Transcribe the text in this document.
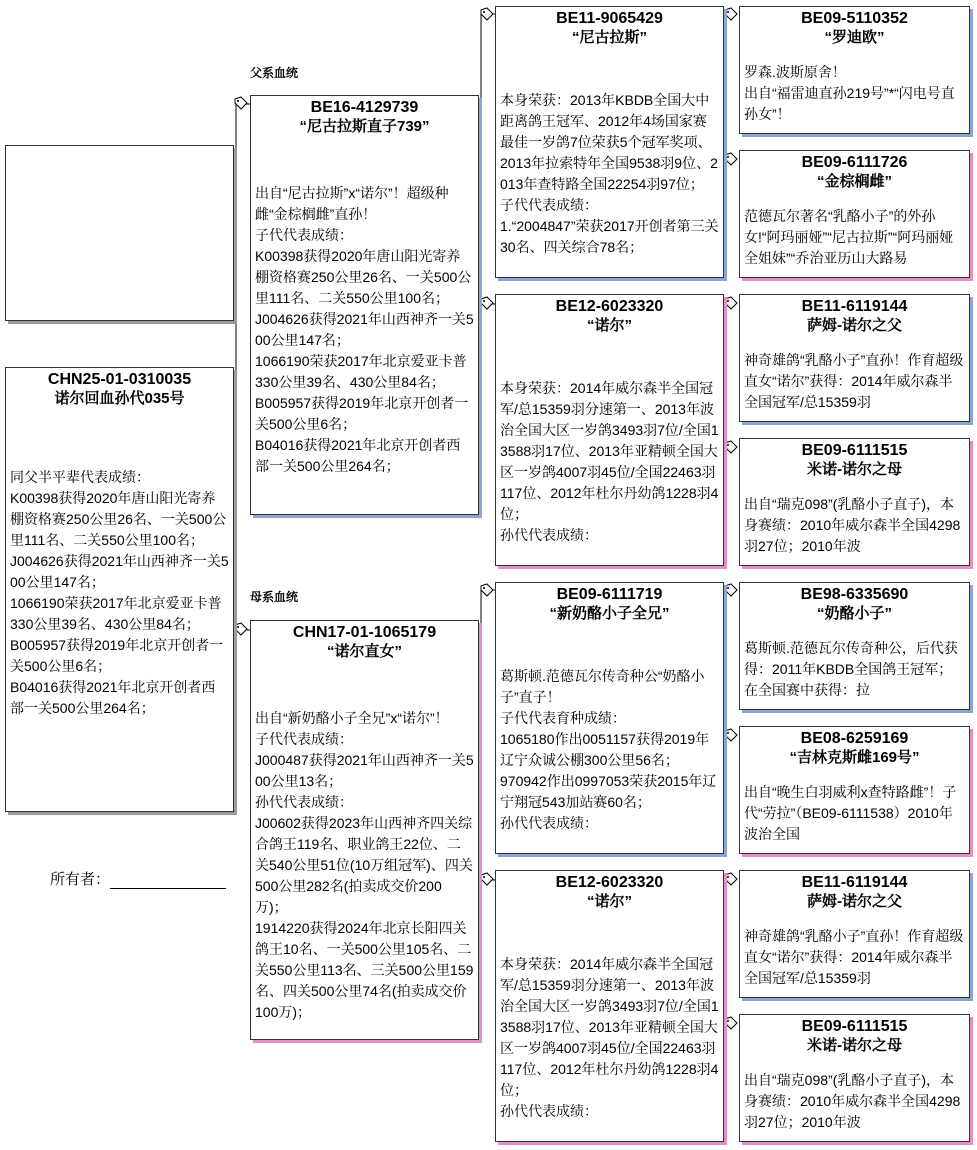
CHN25-01-0310035
诺尔回血孙代035号
同父半平辈代表成绩：
K00398获得2020年唐山阳光寄养棚资格赛250公里26名、一关500公里111名、二关550公里100名；
J004626获得2021年山西神齐一关500公里147名；
1066190荣获2017年北京爱亚卡普330公里39名、430公里84名；
B005957获得2019年北京开创者一关500公里6名；
B04016获得2021年北京开创者西部一关500公里264名；
所有者：
父系血统
母系血统
BE16-4129739
“尼古拉斯直子739”
出自“尼古拉斯”x“诺尔”！超级种雌“金棕榈雌”直孙！
子代代表成绩：
K00398获得2020年唐山阳光寄养棚资格赛250公里26名、一关500公里111名、二关550公里100名；
J004626获得2021年山西神齐一关500公里147名；
1066190荣获2017年北京爱亚卡普330公里39名、430公里84名；
B005957获得2019年北京开创者一关500公里6名；
B04016获得2021年北京开创者西部一关500公里264名；
CHN17-01-1065179
“诺尔直女”
出自“新奶酪小子全兄”x“诺尔”！
子代代表成绩：
J000487获得2021年山西神齐一关500公里13名；
孙代代表成绩：
J00602获得2023年山西神齐四关综合鸽王119名、职业鸽王22位、二关540公里51位(10万组冠军)、四关500公里282名(拍卖成交价200万)；
1914220获得2024年北京长阳四关鸽王10名、一关500公里105名、二关550公里113名、三关500公里159名、四关500公里74名(拍卖成交价100万)；
BE11-9065429
“尼古拉斯”
本身荣获：2013年KBDB全国大中距离鸽王冠军、2012年4场国家赛最佳一岁鸽7位荣获5个冠军奖项、2013年拉索特年全国9538羽9位、2013年查特路全国22254羽97位；
子代代表成绩：
1.“2004847”荣获2017开创者第三关30名、四关综合78名；
BE12-6023320
“诺尔”
本身荣获：2014年威尔森半全国冠军/总15359羽分速第一、2013年波治全国大区一岁鸽3493羽7位/全国13588羽17位、2013年亚精顿全国大区一岁鸽4007羽45位/全国22463羽117位、2012年杜尔丹幼鸽1228羽4位；
孙代代表成绩：
BE09-6111719
“新奶酪小子全兄”
葛斯顿.范德瓦尔传奇种公“奶酪小子”直子！
子代代表育种成绩：
1065180作出0051157获得2019年辽宁众诚公棚300公里56名；
970942作出0997053荣获2015年辽宁翔冠543加站赛60名；
孙代代表成绩：
BE12-6023320
“诺尔”
本身荣获：2014年威尔森半全国冠军/总15359羽分速第一、2013年波治全国大区一岁鸽3493羽7位/全国13588羽17位、2013年亚精顿全国大区一岁鸽4007羽45位/全国22463羽117位、2012年杜尔丹幼鸽1228羽4位；
孙代代表成绩：
BE09-5110352
“罗迪欧”
罗森.波斯原舍！
出自“福雷迪直孙219号”*“闪电号直孙女”！
BE09-6111726
“金棕榈雌”
范德瓦尔著名“乳酪小子”的外孙女!“阿玛丽娅”“尼古拉斯”“阿玛丽娅全姐妹”“乔治亚历山大路易
BE11-6119144
萨姆-诺尔之父
神奇雄鸽“乳酪小子”直孙！作育超级直女“诺尔”获得：2014年威尔森半全国冠军/总15359羽
BE09-6111515
米诺-诺尔之母
出自“瑞克098”(乳酪小子直子)，本身赛绩：2010年威尔森半全国4298羽27位；2010年波
BE98-6335690
“奶酪小子”
葛斯顿.范德瓦尔传奇种公，后代获得：2011年KBDB全国鸽王冠军；在全国赛中获得：拉
BE08-6259169
“吉林克斯雌169号”
出自“晚生白羽威利x查特路雌”！子代“劳拉”（BE09-6111538）2010年波治全国
BE11-6119144
萨姆-诺尔之父
神奇雄鸽“乳酪小子”直孙！作育超级直女“诺尔”获得：2014年威尔森半全国冠军/总15359羽
BE09-6111515
米诺-诺尔之母
出自“瑞克098”(乳酪小子直子)，本身赛绩：2010年威尔森半全国4298羽27位；2010年波
